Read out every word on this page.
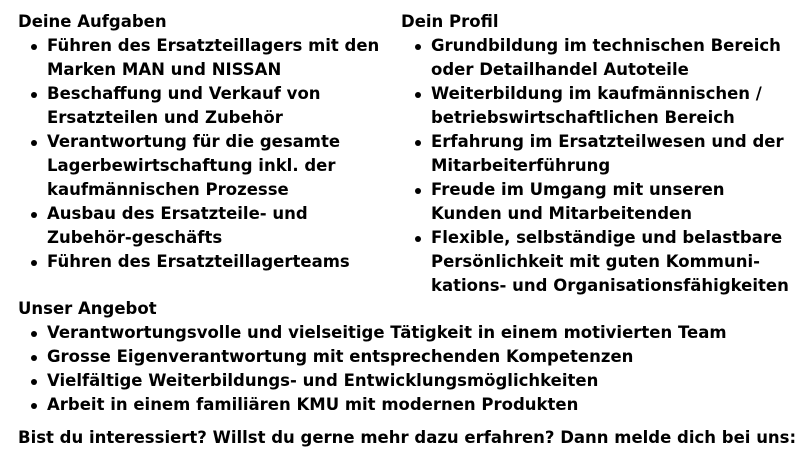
Deine Aufgaben
Führen des Ersatzteillagers mit den
Marken MAN und NISSAN
Beschaffung und Verkauf von
Ersatzteilen und Zubehör
Verantwortung für die gesamte
Lagerbewirtschaftung inkl. der
kaufmännischen Prozesse
Ausbau des Ersatzteile- und
Zubehör-geschäfts
Führen des Ersatzteillagerteams
Dein Profil
Grundbildung im technischen Bereich
oder Detailhandel Autoteile
Weiterbildung im kaufmännischen /
betriebswirtschaftlichen Bereich
Erfahrung im Ersatzteilwesen und der
Mitarbeiterführung
Freude im Umgang mit unseren
Kunden und Mitarbeitenden
Flexible, selbständige und belastbare
Persönlichkeit mit guten Kommuni-
kations- und Organisationsfähigkeiten
Unser Angebot
Verantwortungsvolle und vielseitige Tätigkeit in einem motivierten Team
Grosse Eigenverantwortung mit entsprechenden Kompetenzen
Vielfältige Weiterbildungs- und Entwicklungsmöglichkeiten
Arbeit in einem familiären KMU mit modernen Produkten

Bist du interessiert? Willst du gerne mehr dazu erfahren? Dann melde dich bei uns:
